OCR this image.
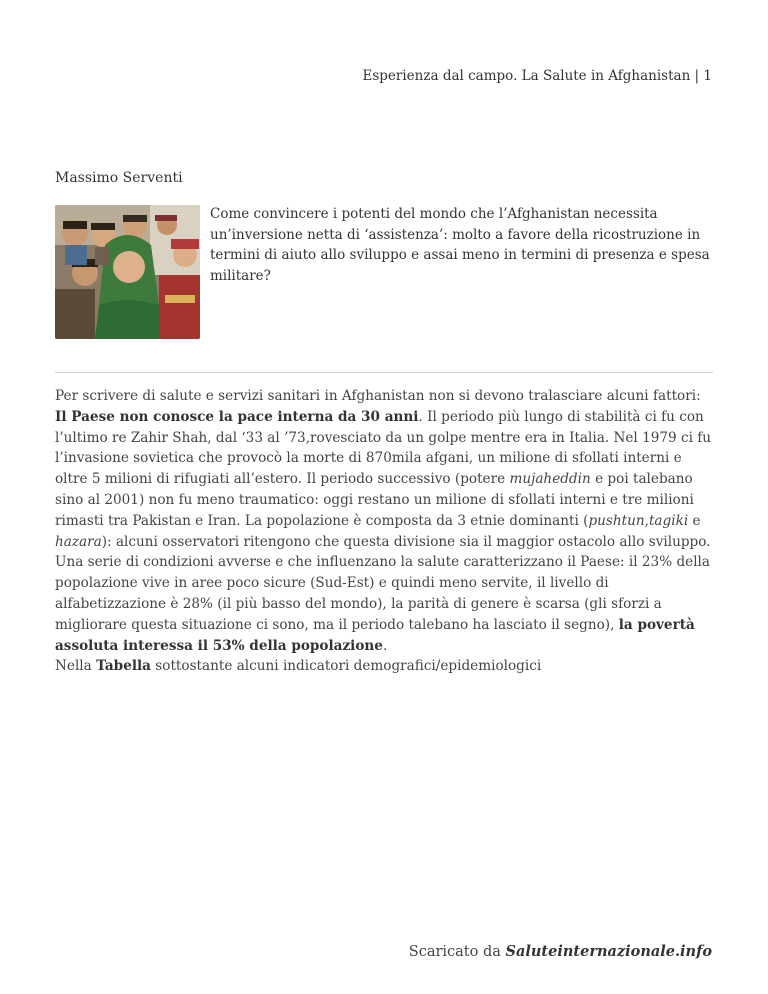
Esperienza dal campo. La Salute in Afghanistan | 1
Massimo Serventi
Come convincere i potenti del mondo che l’Afghanistan necessita un’inversione netta di ‘assistenza’: molto a favore della ricostruzione in termini di aiuto allo sviluppo e assai meno in termini di presenza e spesa militare?

Per scrivere di salute e servizi sanitari in Afghanistan non si devono tralasciare alcuni fattori:

Il Paese non conosce la pace interna da 30 anni. Il periodo più lungo di stabilità ci fu con l’ultimo re Zahir Shah, dal ‘33 al ’73,rovesciato da un golpe mentre era in Italia. Nel 1979 ci fu l’invasione sovietica che provocò la morte di 870mila afgani, un milione di sfollati interni e oltre 5 milioni di rifugiati all’estero. Il periodo successivo (potere mujaheddin e poi talebano sino al 2001) non fu meno traumatico: oggi restano un milione di sfollati interni e tre milioni rimasti tra Pakistan e Iran. La popolazione è composta da 3 etnie dominanti (pushtun,tagiki e hazara): alcuni osservatori ritengono che questa divisione sia il maggior ostacolo allo sviluppo.

Una serie di condizioni avverse e che influenzano la salute caratterizzano il Paese: il 23% della popolazione vive in aree poco sicure (Sud-Est) e quindi meno servite, il livello di alfabetizzazione è 28% (il più basso del mondo), la parità di genere è scarsa (gli sforzi a migliorare questa situazione ci sono, ma il periodo talebano ha lasciato il segno), la povertà assoluta interessa il 53% della popolazione.

Nella Tabella sottostante alcuni indicatori demografici/epidemiologici

Scaricato da Saluteinternazionale.info
